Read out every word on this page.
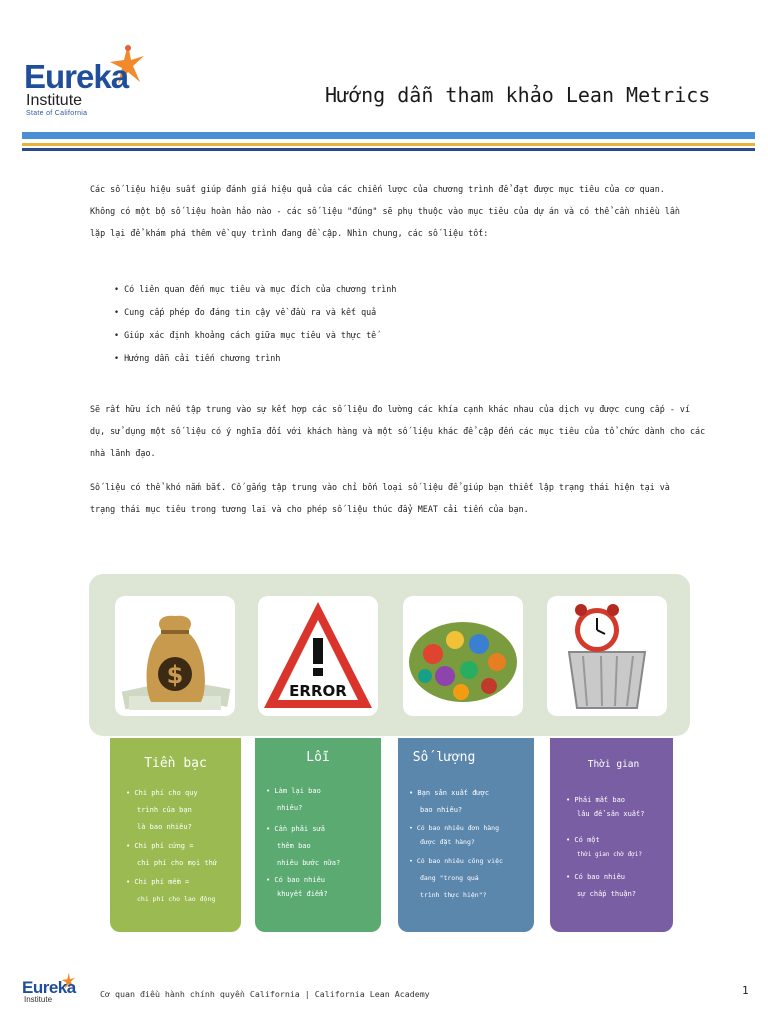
Eureka
Institute
State of California
Hướng dẫn tham khảo Lean Metrics
Các số liệu hiệu suất giúp đánh giá hiệu quả của các chiến lược của chương trình để đạt được mục tiêu của cơ quan.
Không có một bộ số liệu hoàn hảo nào - các số liệu "đúng" sẽ phụ thuộc vào mục tiêu của dự án và có thể cần nhiều lần
lặp lại để khám phá thêm về quy trình đang đề cập. Nhìn chung, các số liệu tốt:
• Có liên quan đến mục tiêu và mục đích của chương trình
• Cung cấp phép đo đáng tin cậy về đầu ra và kết quả
• Giúp xác định khoảng cách giữa mục tiêu và thực tế
• Hướng dẫn cải tiến chương trình
Sẽ rất hữu ích nếu tập trung vào sự kết hợp các số liệu đo lường các khía cạnh khác nhau của dịch vụ được cung cấp - ví
dụ, sử dụng một số liệu có ý nghĩa đối với khách hàng và một số liệu khác để cập đến các mục tiêu của tổ chức dành cho các
nhà lãnh đạo.
Số liệu có thể khó nắm bắt. Cố gắng tập trung vào chỉ bốn loại số liệu để giúp bạn thiết lập trạng thái hiện tại và
trạng thái mục tiêu trong tương lai và cho phép số liệu thúc đẩy MEAT cải tiến của bạn.
$
ERROR
Tiền bạc
• Chi phí cho quy
trình của bạn
là bao nhiêu?
• Chi phí cứng =
chi phí cho mọi thứ
• Chi phí mềm =
chi phí cho lao động
Lỗi
• Làm lại bao
nhiêu?
• Cần phải sửa
thêm bao
nhiêu bước nữa?
• Có bao nhiêu
khuyết điểm?
Số lượng
• Bạn sản xuất được
bao nhiêu?
• Có bao nhiêu đơn hàng
được đặt hàng?
• Có bao nhiêu công việc
đang "trong quá
trình thực hiện"?
Thời gian
• Phải mất bao
lâu để sản xuất?
• Có một
thời gian chờ đợi?
• Có bao nhiêu
sự chấp thuận?
Eureka
Institute
Cơ quan điều hành chính quyền California | California Lean Academy	1
